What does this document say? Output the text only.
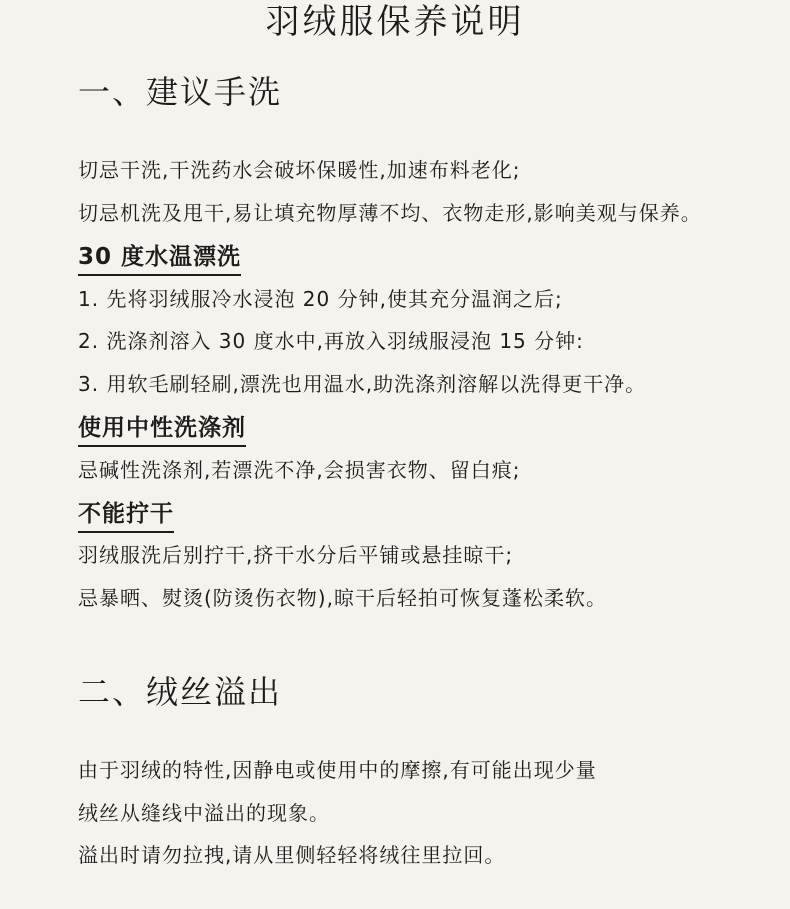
羽绒服保养说明
一、建议手洗
切忌干洗,干洗药水会破坏保暖性,加速布料老化;
切忌机洗及甩干,易让填充物厚薄不均、衣物走形,影响美观与保养。
30 度水温漂洗
1. 先将羽绒服冷水浸泡 20 分钟,使其充分温润之后;
2. 洗涤剂溶入 30 度水中,再放入羽绒服浸泡 15 分钟:
3. 用软毛刷轻刷,漂洗也用温水,助洗涤剂溶解以洗得更干净。
使用中性洗涤剂
忌碱性洗涤剂,若漂洗不净,会损害衣物、留白痕;
不能拧干
羽绒服洗后别拧干,挤干水分后平铺或悬挂晾干;
忌暴晒、熨烫(防烫伤衣物),晾干后轻拍可恢复蓬松柔软。
二、绒丝溢出
由于羽绒的特性,因静电或使用中的摩擦,有可能出现少量
绒丝从缝线中溢出的现象。
溢出时请勿拉拽,请从里侧轻轻将绒往里拉回。
